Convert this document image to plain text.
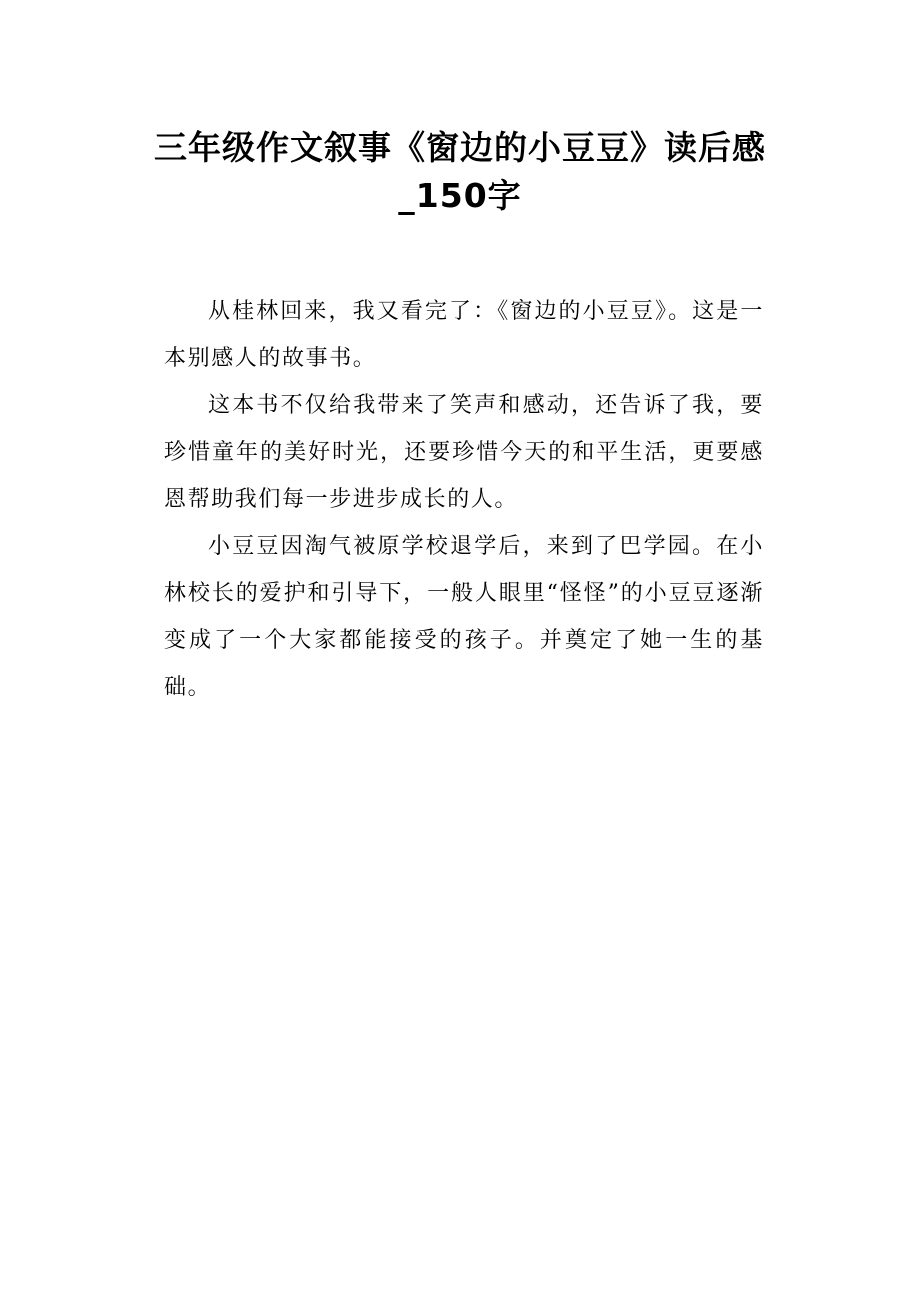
三年级作文叙事《窗边的小豆豆》读后感_150字

从桂林回来，我又看完了：《窗边的小豆豆》。这是一本别感人的故事书。

这本书不仅给我带来了笑声和感动，还告诉了我，要珍惜童年的美好时光，还要珍惜今天的和平生活，更要感恩帮助我们每一步进步成长的人。

小豆豆因淘气被原学校退学后，来到了巴学园。在小林校长的爱护和引导下，一般人眼里“怪怪”的小豆豆逐渐变成了一个大家都能接受的孩子。并奠定了她一生的基础。
